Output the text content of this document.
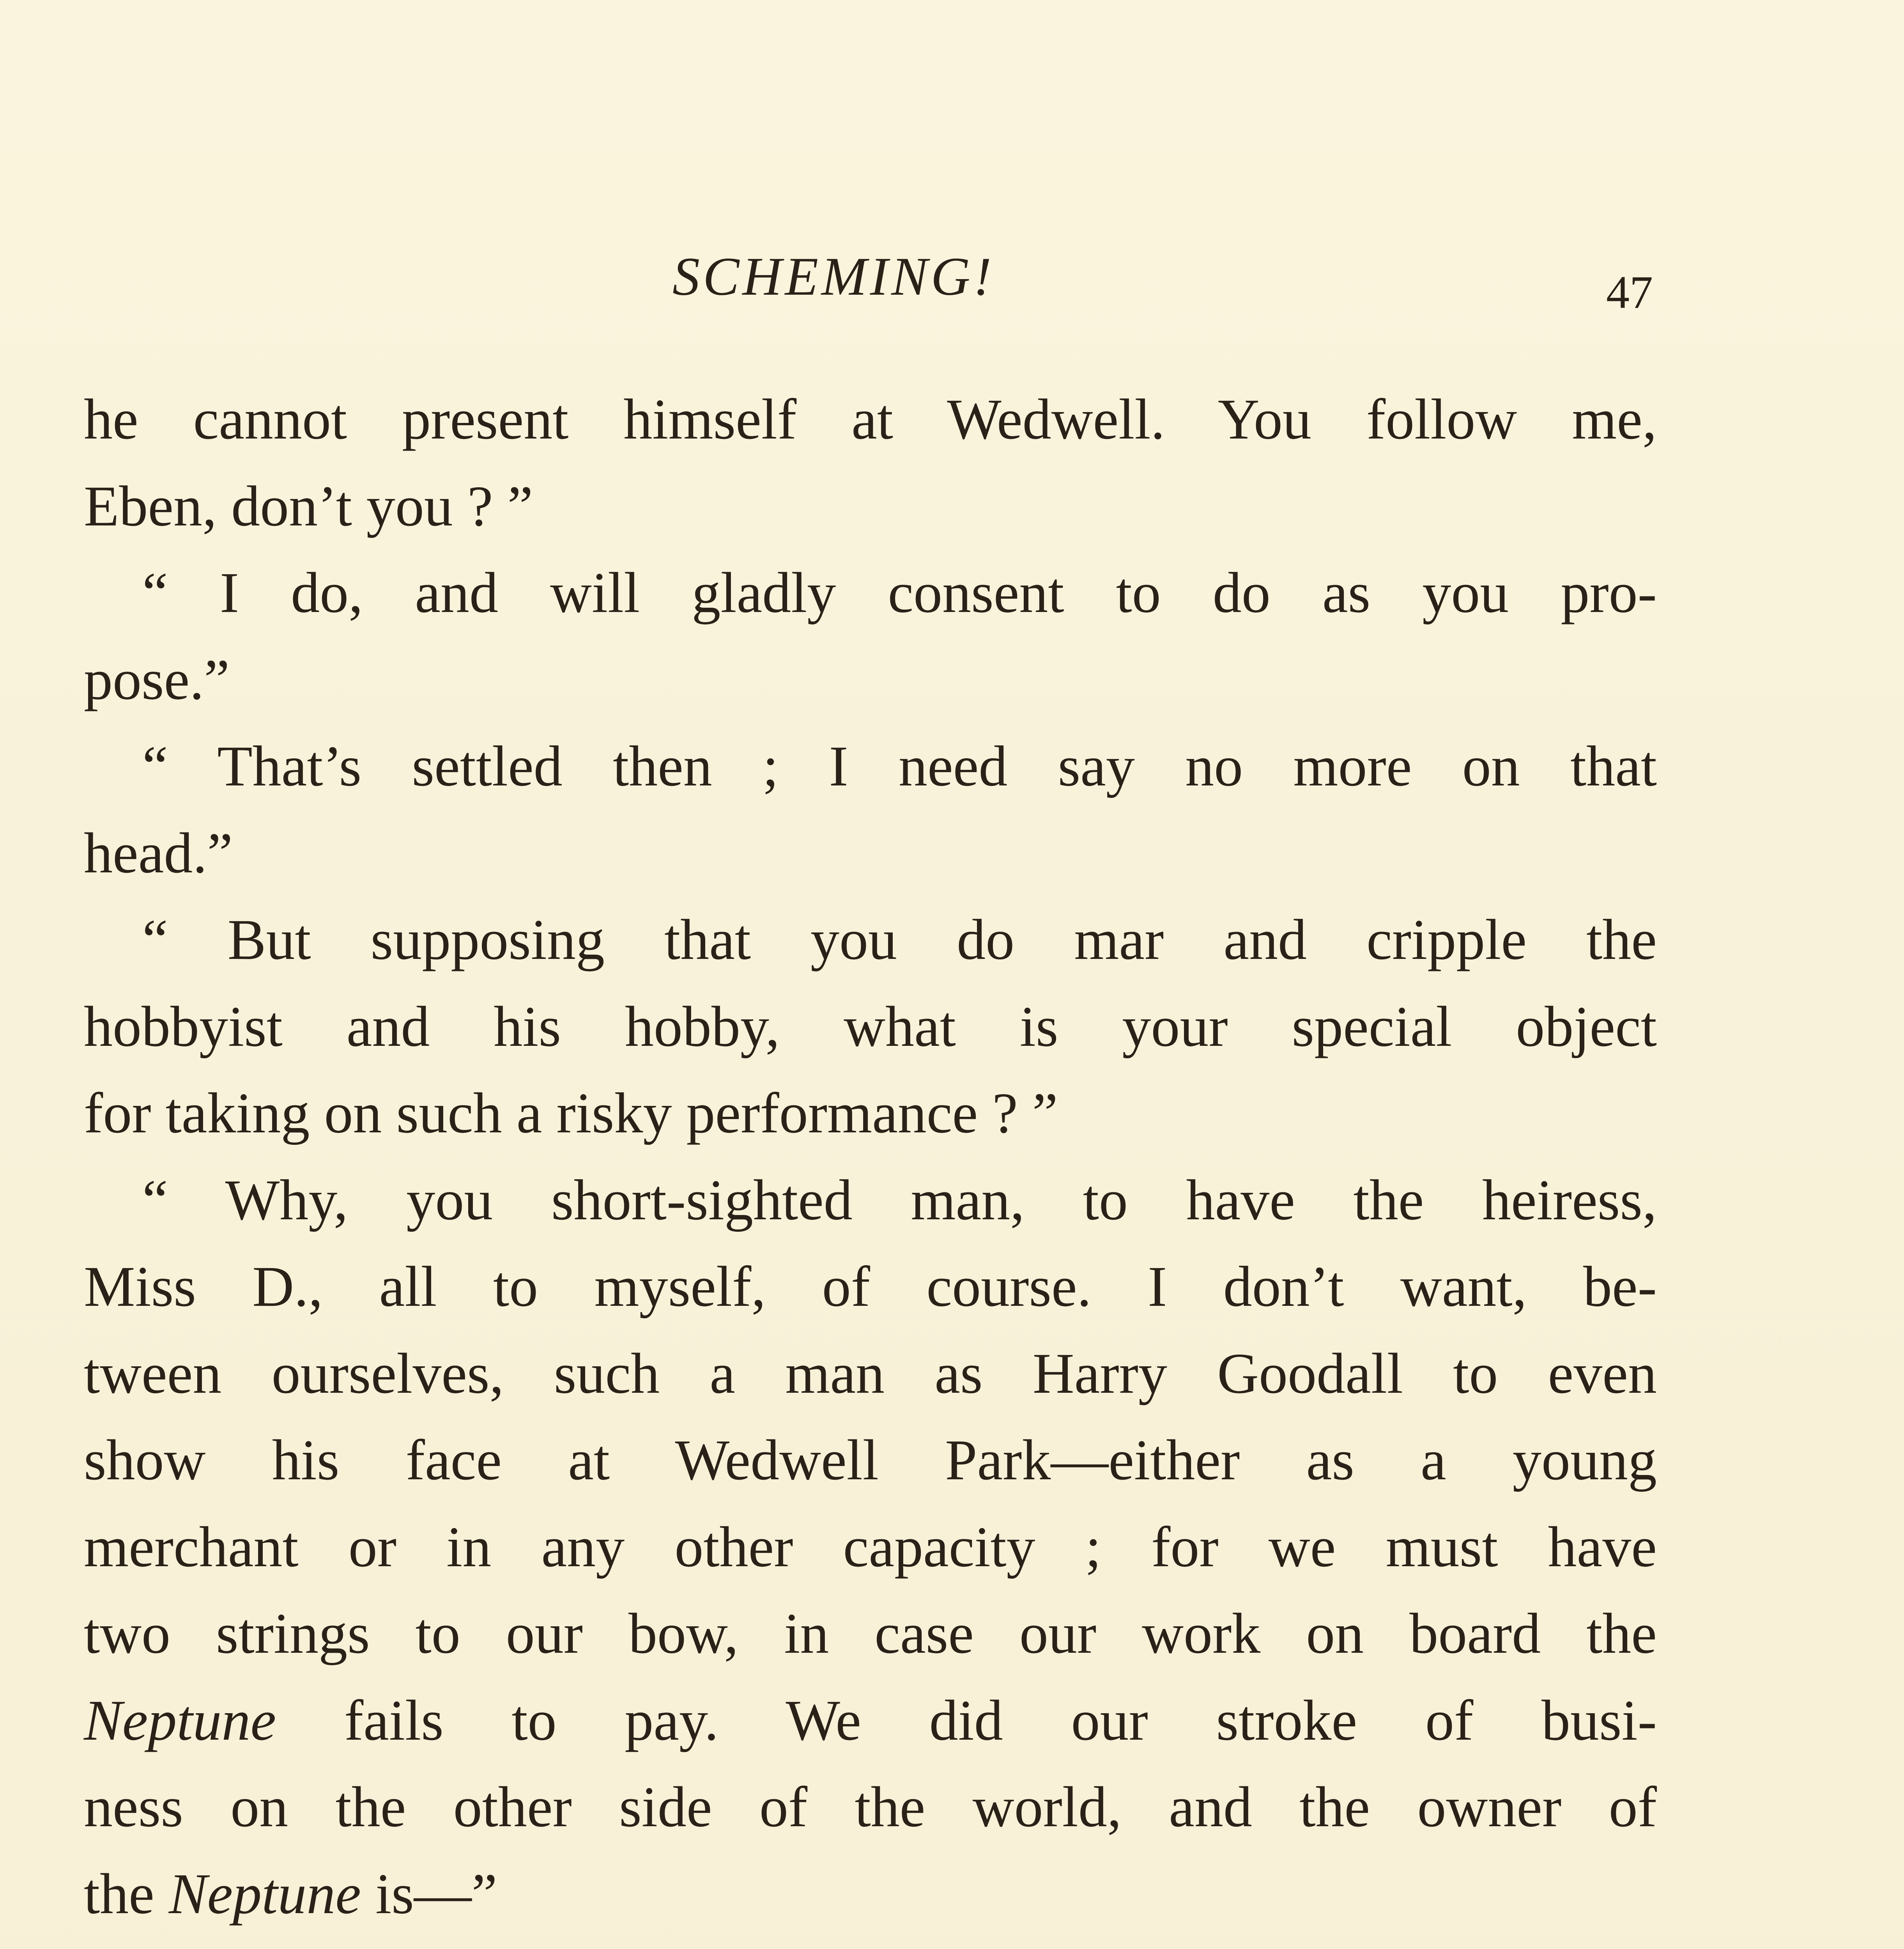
SCHEMING!	47
he cannot present himself at Wedwell. You follow me,
Eben, don’t you ? ”
“ I do, and will gladly consent to do as you pro-
pose.”
“ That’s settled then ; I need say no more on that
head.”
“ But supposing that you do mar and cripple the
hobbyist and his hobby, what is your special object
for taking on such a risky performance ? ”
“ Why, you short-sighted man, to have the heiress,
Miss D., all to myself, of course. I don’t want, be-
tween ourselves, such a man as Harry Goodall to even
show his face at Wedwell Park—either as a young
merchant or in any other capacity ; for we must have
two strings to our bow, in case our work on board the
Neptune fails to pay. We did our stroke of busi-
ness on the other side of the world, and the owner of
the Neptune is—”
